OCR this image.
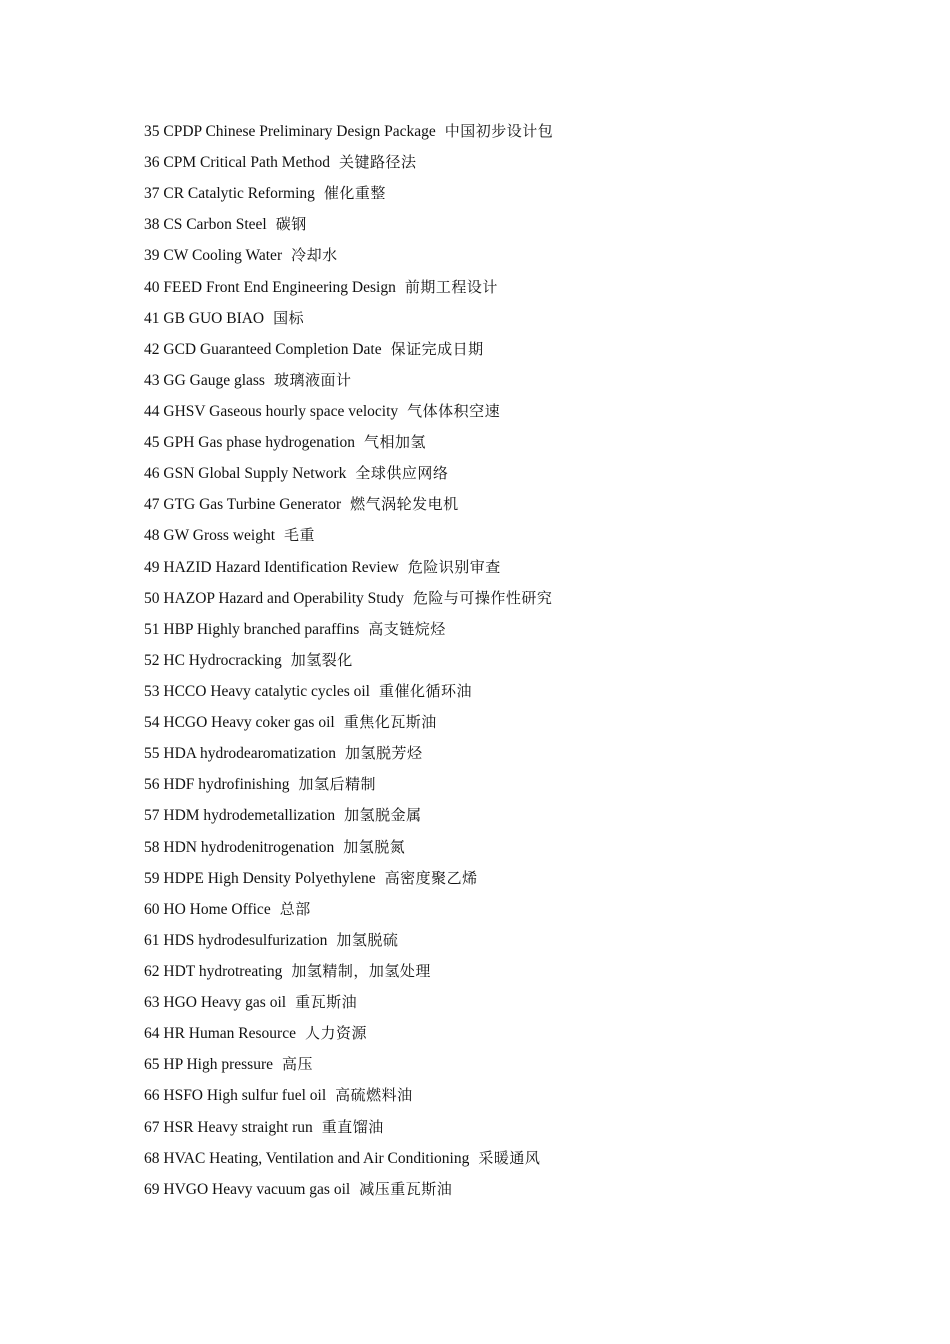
35 CPDP Chinese Preliminary Design Package 中国初步设计包
36 CPM Critical Path Method 关键路径法
37 CR Catalytic Reforming 催化重整
38 CS Carbon Steel 碳钢
39 CW Cooling Water 冷却水
40 FEED Front End Engineering Design 前期工程设计
41 GB GUO BIAO 国标
42 GCD Guaranteed Completion Date 保证完成日期
43 GG Gauge glass 玻璃液面计
44 GHSV Gaseous hourly space velocity 气体体积空速
45 GPH Gas phase hydrogenation 气相加氢
46 GSN Global Supply Network 全球供应网络
47 GTG Gas Turbine Generator 燃气涡轮发电机
48 GW Gross weight 毛重
49 HAZID Hazard Identification Review 危险识别审查
50 HAZOP Hazard and Operability Study 危险与可操作性研究
51 HBP Highly branched paraffins 高支链烷烃
52 HC Hydrocracking 加氢裂化
53 HCCO Heavy catalytic cycles oil 重催化循环油
54 HCGO Heavy coker gas oil 重焦化瓦斯油
55 HDA hydrodearomatization 加氢脱芳烃
56 HDF hydrofinishing 加氢后精制
57 HDM hydrodemetallization 加氢脱金属
58 HDN hydrodenitrogenation 加氢脱氮
59 HDPE High Density Polyethylene 高密度聚乙烯
60 HO Home Office 总部
61 HDS hydrodesulfurization 加氢脱硫
62 HDT hydrotreating 加氢精制，加氢处理
63 HGO Heavy gas oil 重瓦斯油
64 HR Human Resource 人力资源
65 HP High pressure 高压
66 HSFO High sulfur fuel oil 高硫燃料油
67 HSR Heavy straight run 重直馏油
68 HVAC Heating, Ventilation and Air Conditioning 采暖通风
69 HVGO Heavy vacuum gas oil 减压重瓦斯油
